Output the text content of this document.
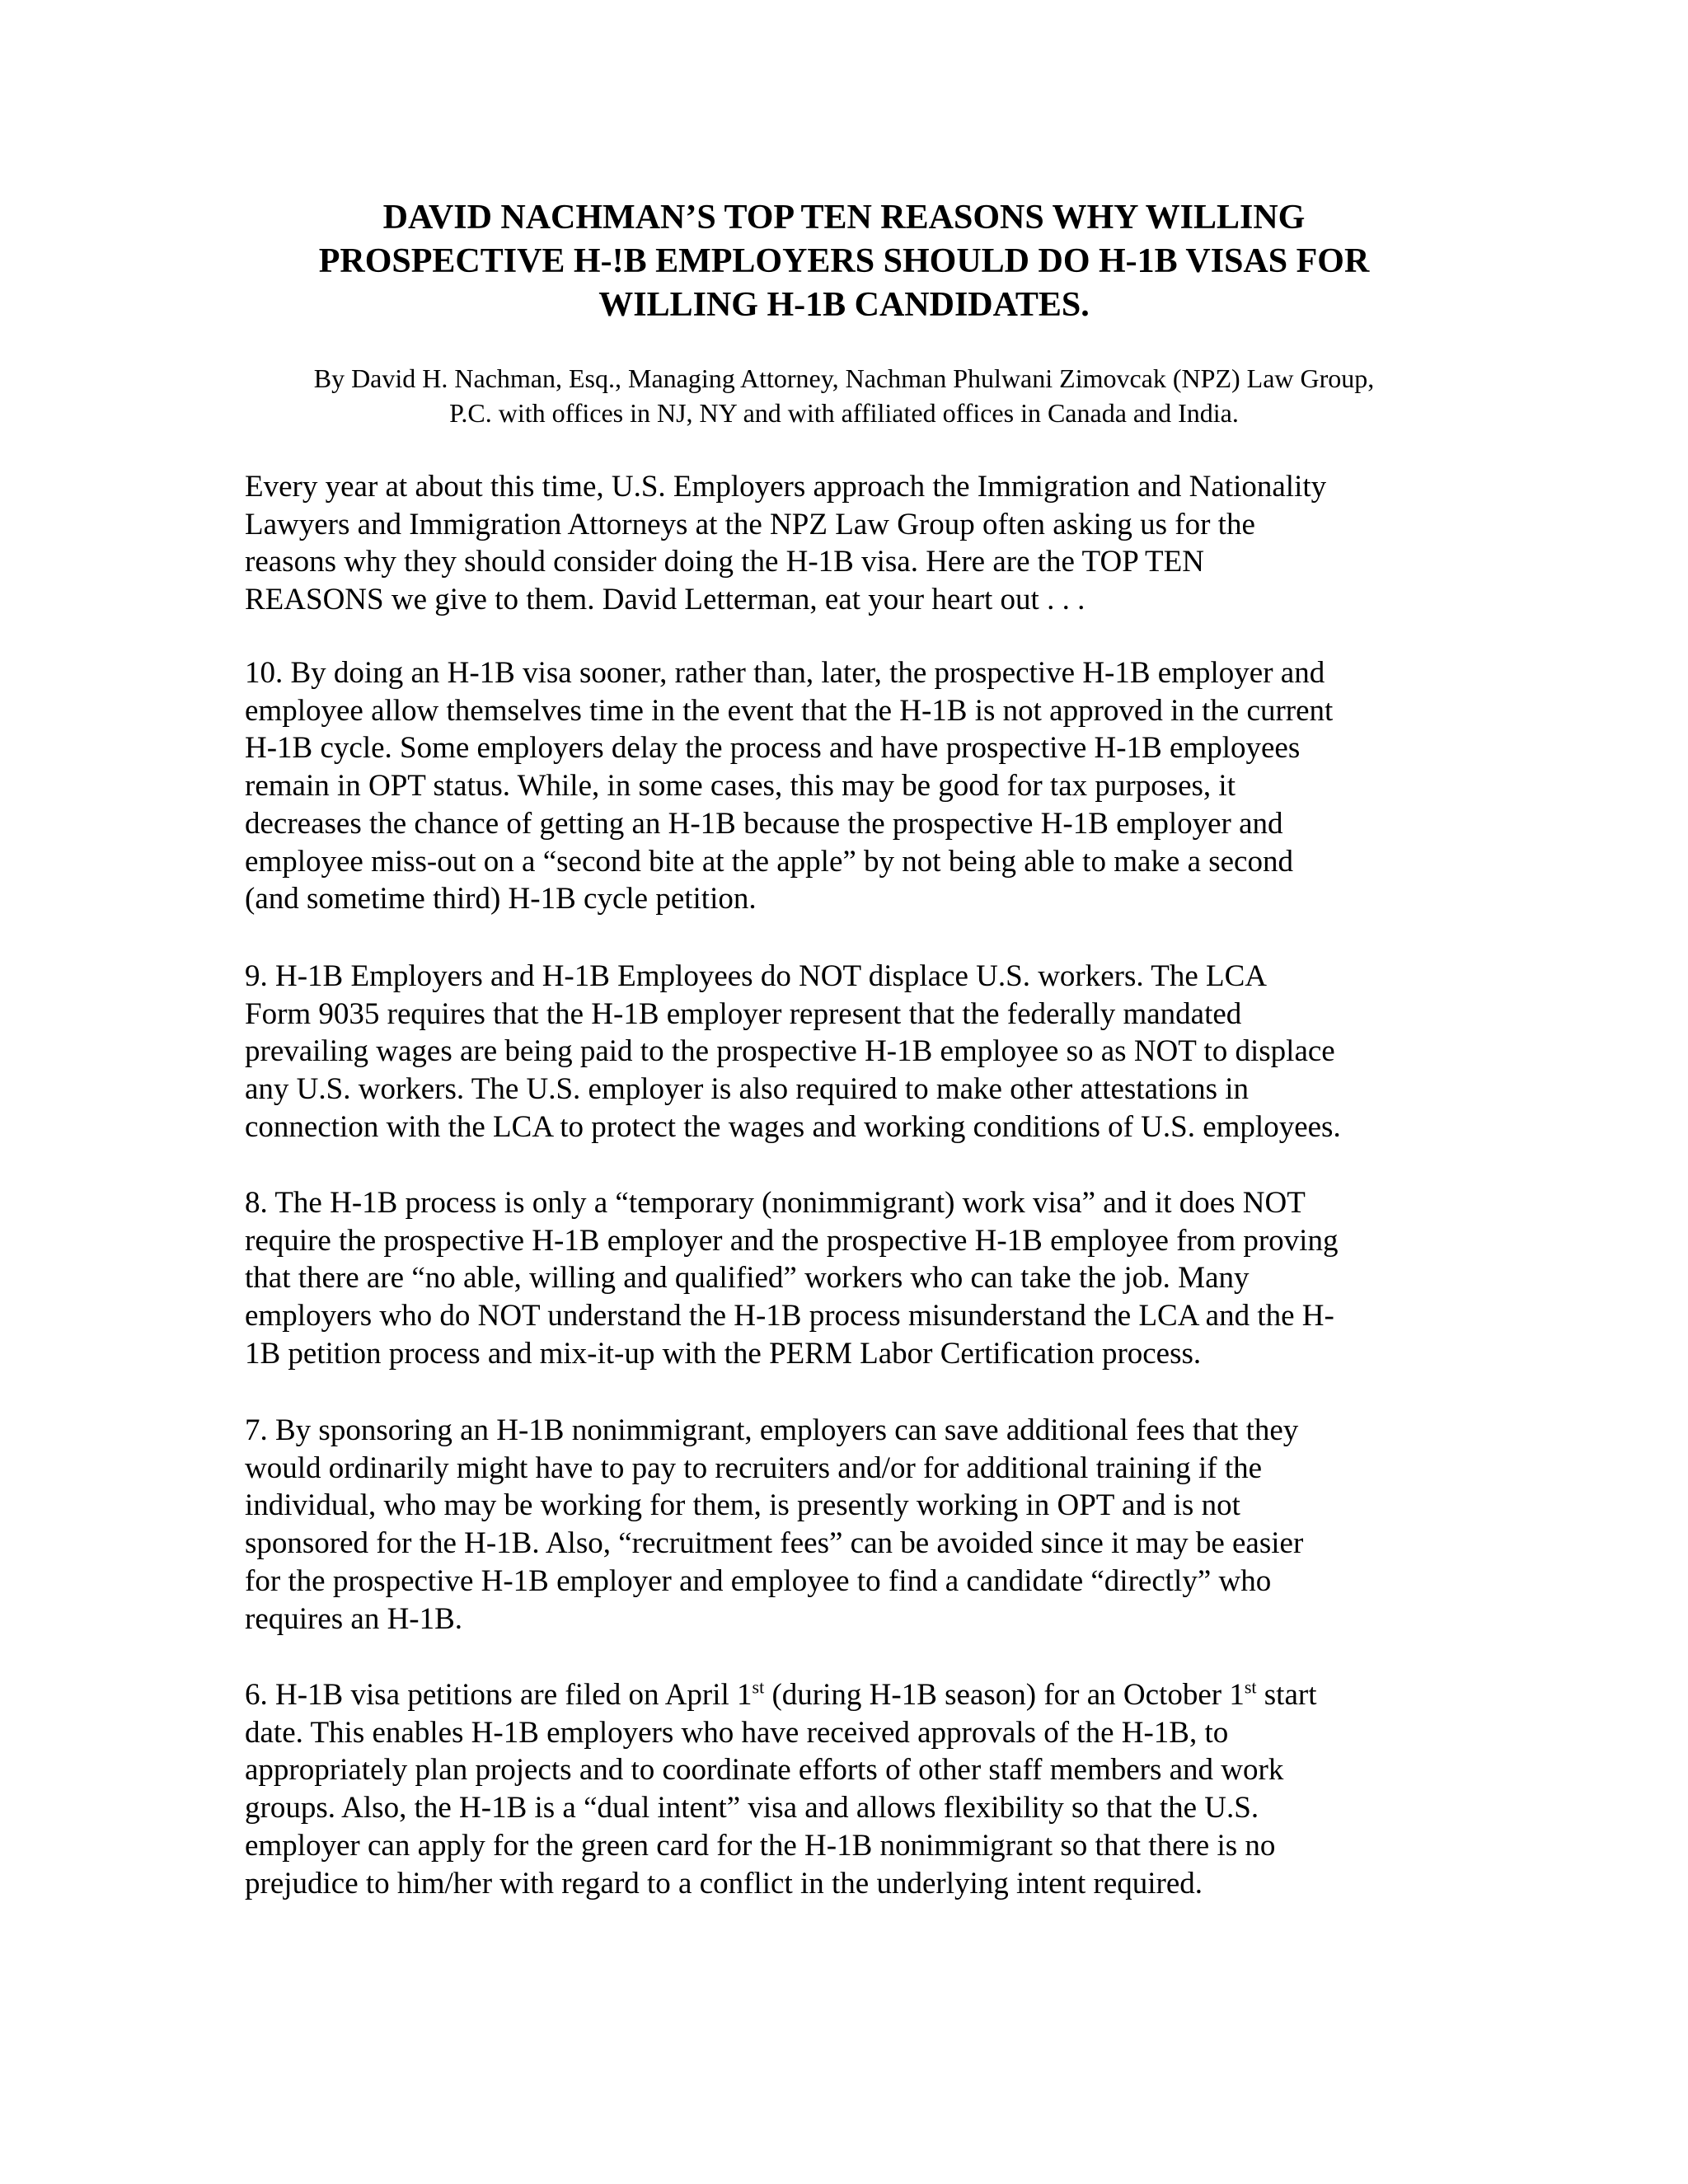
DAVID NACHMAN’S TOP TEN REASONS WHY WILLING
PROSPECTIVE H-!B EMPLOYERS SHOULD DO H-1B VISAS FOR
WILLING H-1B CANDIDATES.
By David H. Nachman, Esq., Managing Attorney, Nachman Phulwani Zimovcak (NPZ) Law Group,
P.C. with offices in NJ, NY and with affiliated offices in Canada and India.
Every year at about this time, U.S. Employers approach the Immigration and Nationality
Lawyers and Immigration Attorneys at the NPZ Law Group often asking us for the
reasons why they should consider doing the H-1B visa. Here are the TOP TEN
REASONS we give to them. David Letterman, eat your heart out . . .
10. By doing an H-1B visa sooner, rather than, later, the prospective H-1B employer and
employee allow themselves time in the event that the H-1B is not approved in the current
H-1B cycle. Some employers delay the process and have prospective H-1B employees
remain in OPT status. While, in some cases, this may be good for tax purposes, it
decreases the chance of getting an H-1B because the prospective H-1B employer and
employee miss-out on a “second bite at the apple” by not being able to make a second
(and sometime third) H-1B cycle petition.
9. H-1B Employers and H-1B Employees do NOT displace U.S. workers. The LCA
Form 9035 requires that the H-1B employer represent that the federally mandated
prevailing wages are being paid to the prospective H-1B employee so as NOT to displace
any U.S. workers. The U.S. employer is also required to make other attestations in
connection with the LCA to protect the wages and working conditions of U.S. employees.
8. The H-1B process is only a “temporary (nonimmigrant) work visa” and it does NOT
require the prospective H-1B employer and the prospective H-1B employee from proving
that there are “no able, willing and qualified” workers who can take the job. Many
employers who do NOT understand the H-1B process misunderstand the LCA and the H-
1B petition process and mix-it-up with the PERM Labor Certification process.
7. By sponsoring an H-1B nonimmigrant, employers can save additional fees that they
would ordinarily might have to pay to recruiters and/or for additional training if the
individual, who may be working for them, is presently working in OPT and is not
sponsored for the H-1B. Also, “recruitment fees” can be avoided since it may be easier
for the prospective H-1B employer and employee to find a candidate “directly” who
requires an H-1B.
6. H-1B visa petitions are filed on April 1st (during H-1B season) for an October 1st start
date. This enables H-1B employers who have received approvals of the H-1B, to
appropriately plan projects and to coordinate efforts of other staff members and work
groups. Also, the H-1B is a “dual intent” visa and allows flexibility so that the U.S.
employer can apply for the green card for the H-1B nonimmigrant so that there is no
prejudice to him/her with regard to a conflict in the underlying intent required.
